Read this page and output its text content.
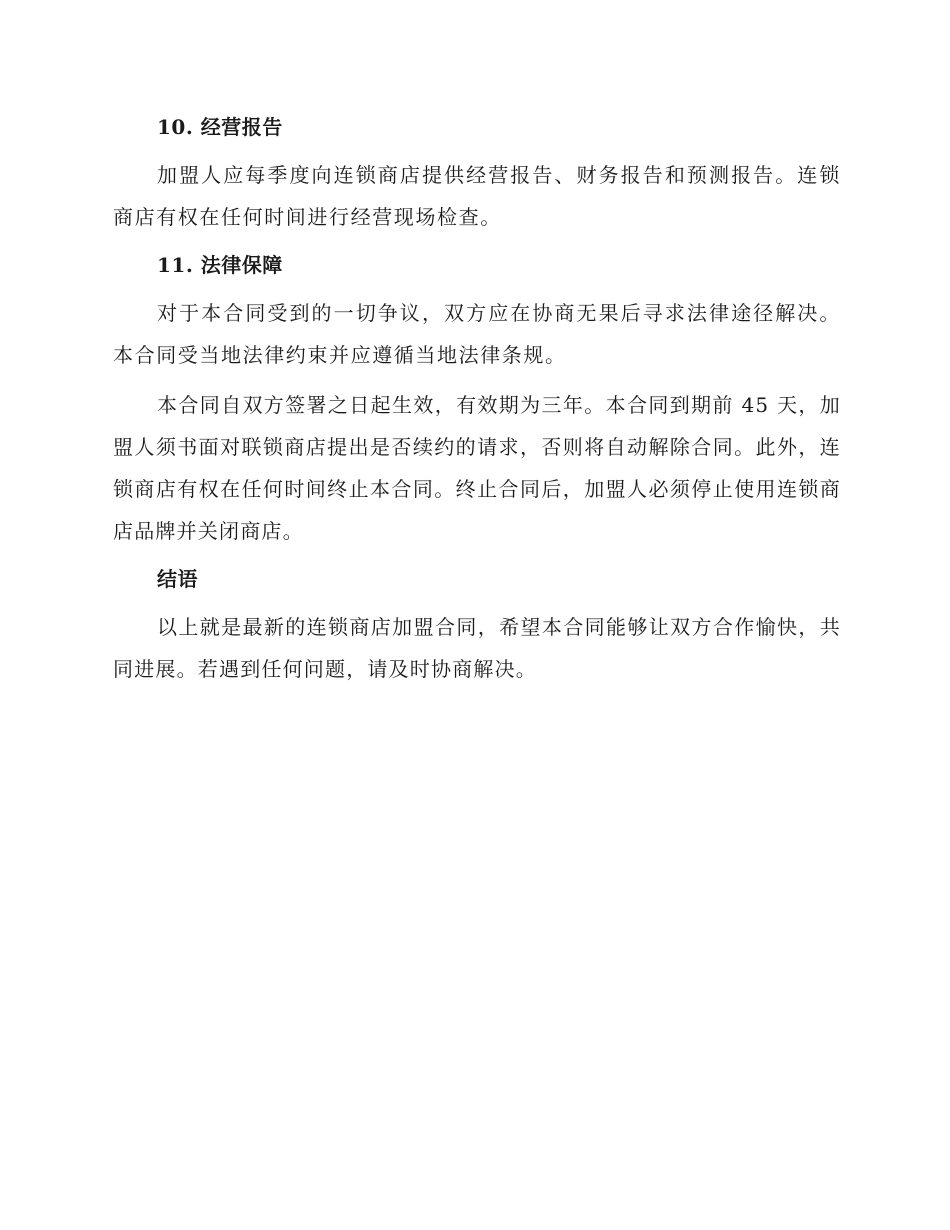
10. 经营报告

加盟人应每季度向连锁商店提供经营报告、财务报告和预测报告。连锁商店有权在任何时间进行经营现场检查。

11. 法律保障

对于本合同受到的一切争议，双方应在协商无果后寻求法律途径解决。本合同受当地法律约束并应遵循当地法律条规。

本合同自双方签署之日起生效，有效期为三年。本合同到期前 45 天，加盟人须书面对联锁商店提出是否续约的请求，否则将自动解除合同。此外，连锁商店有权在任何时间终止本合同。终止合同后，加盟人必须停止使用连锁商店品牌并关闭商店。

结语

以上就是最新的连锁商店加盟合同，希望本合同能够让双方合作愉快，共同进展。若遇到任何问题，请及时协商解决。
